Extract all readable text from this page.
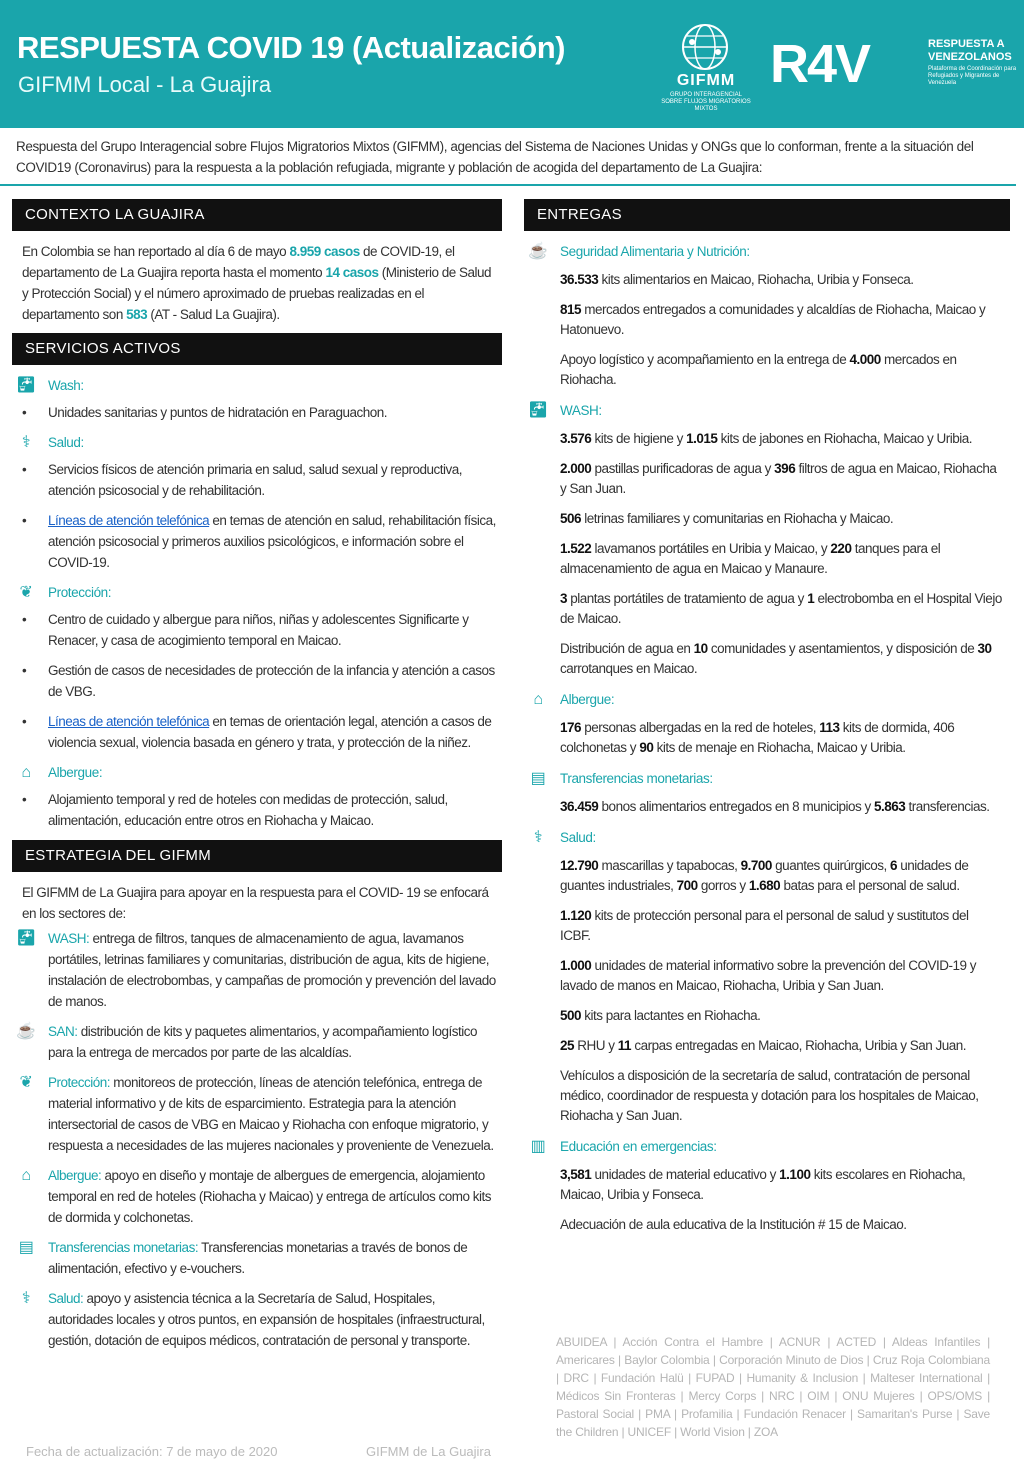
RESPUESTA COVID 19 (Actualización)
GIFMM Local - La Guajira	GIFMM
GRUPO INTERAGENCIAL SOBRE FLUJOS MIGRATORIOS MIXTOS
R4V	RESPUESTA A VENEZOLANOS
Plataforma de Coordinación para Refugiados y Migrantes de Venezuela
Respuesta del Grupo Interagencial sobre Flujos Migratorios Mixtos (GIFMM), agencias del Sistema de Naciones Unidas y ONGs que lo conforman, frente a la situación del COVID19 (Coronavirus) para la respuesta a la población refugiada, migrante y población de acogida del departamento de La Guajira:
CONTEXTO LA GUAJIRA
En Colombia se han reportado al día 6 de mayo 8.959 casos de COVID-19, el departamento de La Guajira reporta hasta el momento 14 casos (Ministerio de Salud y Protección Social) y el número aproximado de pruebas realizadas en el departamento son 583 (AT - Salud La Guajira).
SERVICIOS ACTIVOS
🚰︎ Wash:
• Unidades sanitarias y puntos de hidratación en Paraguachon.
⚕	Salud:
• Servicios físicos de atención primaria en salud, salud sexual y reproductiva, atención psicosocial y de rehabilitación.
• Líneas de atención telefónica en temas de atención en salud, rehabilitación física, atención psicosocial y primeros auxilios psicológicos, e información sobre el COVID-19.
❦ Protección:
• Centro de cuidado y albergue para niños, niñas y adolescentes Significarte y Renacer, y casa de acogimiento temporal en Maicao.
• Gestión de casos de necesidades de protección de la infancia y atención a casos de VBG.
• Líneas de atención telefónica en temas de orientación legal, atención a casos de violencia sexual, violencia basada en género y trata, y protección de la niñez.
⌂	Albergue:
• Alojamiento temporal y red de hoteles con medidas de protección, salud, alimentación, educación entre otros en Riohacha y Maicao.
ESTRATEGIA DEL GIFMM
El GIFMM de La Guajira para apoyar en la respuesta para el COVID- 19 se enfocará en los sectores de:
🚰︎ WASH: entrega de filtros, tanques de almacenamiento de agua, lavamanos portátiles, letrinas familiares y comunitarias, distribución de agua, kits de higiene, instalación de electrobombas, y campañas de promoción y prevención del lavado de manos.
☕ SAN: distribución de kits y paquetes alimentarios, y acompañamiento logístico para la entrega de mercados por parte de las alcaldías.
❦ Protección: monitoreos de protección, líneas de atención telefónica, entrega de material informativo y de kits de esparcimiento. Estrategia para la atención intersectorial de casos de VBG en Maicao y Riohacha con enfoque migratorio, y respuesta a necesidades de las mujeres nacionales y proveniente de Venezuela.
⌂	Albergue: apoyo en diseño y montaje de albergues de emergencia, alojamiento temporal en red de hoteles (Riohacha y Maicao) y entrega de artículos como kits de dormida y colchonetas.
▤ Transferencias monetarias: Transferencias monetarias a través de bonos de alimentación, efectivo y e-vouchers.
⚕	Salud: apoyo y asistencia técnica a la Secretaría de Salud, Hospitales, autoridades locales y otros puntos, en expansión de hospitales (infraestructural, gestión, dotación de equipos médicos, contratación de personal y transporte.
ENTREGAS
☕ Seguridad Alimentaria y Nutrición:
36.533 kits alimentarios en Maicao, Riohacha, Uribia y Fonseca.
815 mercados entregados a comunidades y alcaldías de Riohacha, Maicao y Hatonuevo.
Apoyo logístico y acompañamiento en la entrega de 4.000 mercados en Riohacha.
🚰︎ WASH:
3.576 kits de higiene y 1.015 kits de jabones en Riohacha, Maicao y Uribia.
2.000 pastillas purificadoras de agua y 396 filtros de agua en Maicao, Riohacha y San Juan.
506 letrinas familiares y comunitarias en Riohacha y Maicao.
1.522 lavamanos portátiles en Uribia y Maicao, y 220 tanques para el almacenamiento de agua en Maicao y Manaure.
3 plantas portátiles de tratamiento de agua y 1 electrobomba en el Hospital Viejo de Maicao.
Distribución de agua en 10 comunidades y asentamientos, y disposición de 30 carrotanques en Maicao.
⌂	Albergue:
176 personas albergadas en la red de hoteles, 113 kits de dormida, 406 colchonetas y 90 kits de menaje en Riohacha, Maicao y Uribia.
▤ Transferencias monetarias:
36.459 bonos alimentarios entregados en 8 municipios y 5.863 transferencias.
⚕	Salud:
12.790 mascarillas y tapabocas, 9.700 guantes quirúrgicos, 6 unidades de guantes industriales, 700 gorros y 1.680 batas para el personal de salud.
1.120 kits de protección personal para el personal de salud y sustitutos del ICBF.
1.000 unidades de material informativo sobre la prevención del COVID-19 y lavado de manos en Maicao, Riohacha, Uribia y San Juan.
500 kits para lactantes en Riohacha.
25 RHU y 11 carpas entregadas en Maicao, Riohacha, Uribia y San Juan.
Vehículos a disposición de la secretaría de salud, contratación de personal médico, coordinador de respuesta y dotación para los hospitales de Maicao, Riohacha y San Juan.
▥ Educación en emergencias:
3,581 unidades de material educativo y 1.100 kits escolares en Riohacha, Maicao, Uribia y Fonseca.
Adecuación de aula educativa de la Institución # 15 de Maicao.
ABUIDEA | Acción Contra el Hambre | ACNUR | ACTED | Aldeas Infantiles | Americares | Baylor Colombia | Corporación Minuto de Dios | Cruz Roja Colombiana | DRC | Fundación Halü | FUPAD | Humanity & Inclusion | Malteser International | Médicos Sin Fronteras | Mercy Corps | NRC | OIM | ONU Mujeres | OPS/OMS | Pastoral Social | PMA | Profamilia | Fundación Renacer | Samaritan's Purse | Save the Children | UNICEF | World Vision | ZOA
Fecha de actualización: 7 de mayo de 2020	GIFMM de La Guajira
